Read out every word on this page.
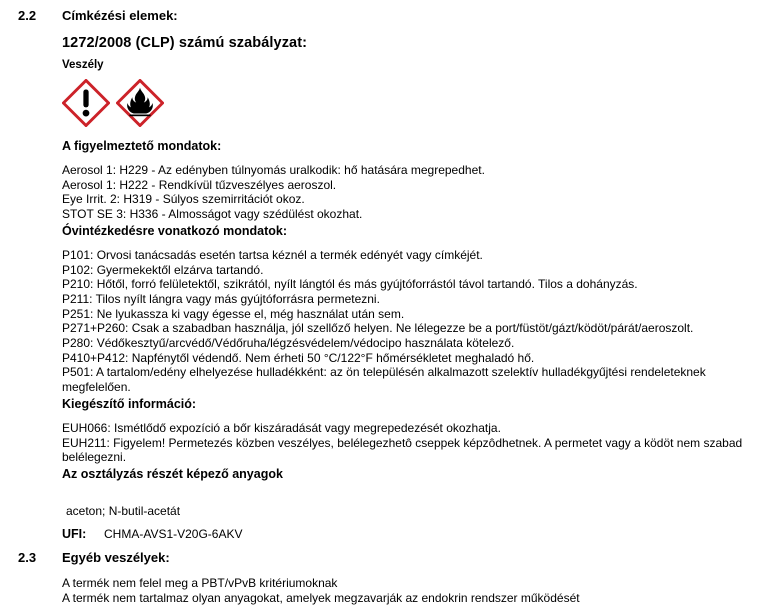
2.2	Címkézési elemek:
1272/2008 (CLP) számú szabályzat:
Veszély
A figyelmeztető mondatok:
Aerosol 1: H229 - Az edényben túlnyomás uralkodik: hő hatására megrepedhet.
Aerosol 1: H222 - Rendkívül tűzveszélyes aeroszol.
Eye Irrit. 2: H319 - Súlyos szemirritációt okoz.
STOT SE 3: H336 - Almosságot vagy szédülést okozhat.
Óvintézkedésre vonatkozó mondatok:
P101: Orvosi tanácsadás esetén tartsa kéznél a termék edényét vagy címkéjét.
P102: Gyermekektől elzárva tartandó.
P210: Hőtől, forró felületektől, szikrától, nyílt lángtól és más gyújtóforrástól távol tartandó. Tilos a dohányzás.
P211: Tilos nyílt lángra vagy más gyújtóforrásra permetezni.
P251: Ne lyukassza ki vagy égesse el, még használat után sem.
P271+P260: Csak a szabadban használja, jól szellőző helyen. Ne lélegezze be a port/füstöt/gázt/ködöt/párát/aeroszolt.
P280: Védőkesztyű/arcvédő/Védőruha/légzésvédelem/védocipo használata kötelező.
P410+P412: Napfénytől védendő. Nem érheti 50 °C/122°F hőmérsékletet meghaladó hő.
P501: A tartalom/edény elhelyezése hulladékként: az ön településén alkalmazott szelektív hulladékgyűjtési rendeleteknek megfelelően.
Kiegészítő információ:
EUH066: Ismétlődő expozíció a bőr kiszáradását vagy megrepedezését okozhatja.
EUH211: Figyelem! Permetezés közben veszélyes, belélegezhetô cseppek képzôdhetnek. A permetet vagy a ködöt nem szabad belélegezni.
Az osztályzás részét képező anyagok
aceton; N-butil-acetát
UFI:	CHMA-AVS1-V20G-6AKV
2.3	Egyéb veszélyek:
A termék nem felel meg a PBT/vPvB kritériumoknak
A termék nem tartalmaz olyan anyagokat, amelyek megzavarják az endokrin rendszer működését
